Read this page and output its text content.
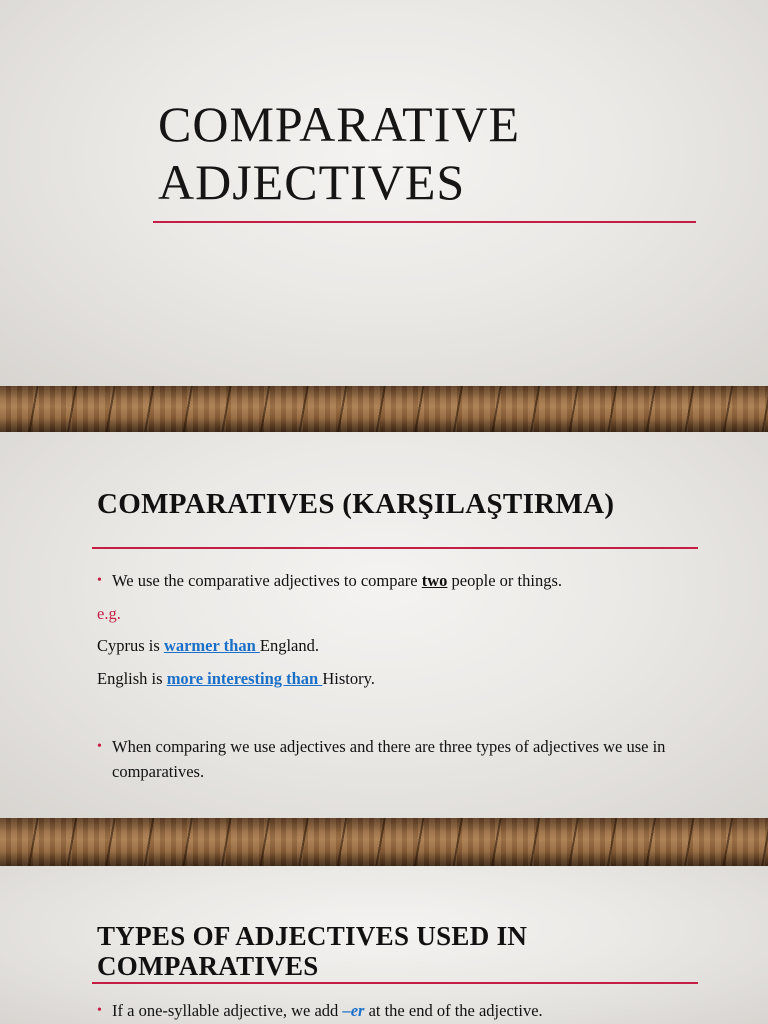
COMPARATIVE
ADJECTIVES
COMPARATIVES (KARŞILAŞTIRMA)
• We use the comparative adjectives to compare two people or things.
e.g.
Cyprus is warmer than England.
English is more interesting than History.
• When comparing we use adjectives and there are three types of adjectives we use in comparatives.
TYPES OF ADJECTIVES USED IN COMPARATIVES
• If a one-syllable adjective, we add –er at the end of the adjective.
